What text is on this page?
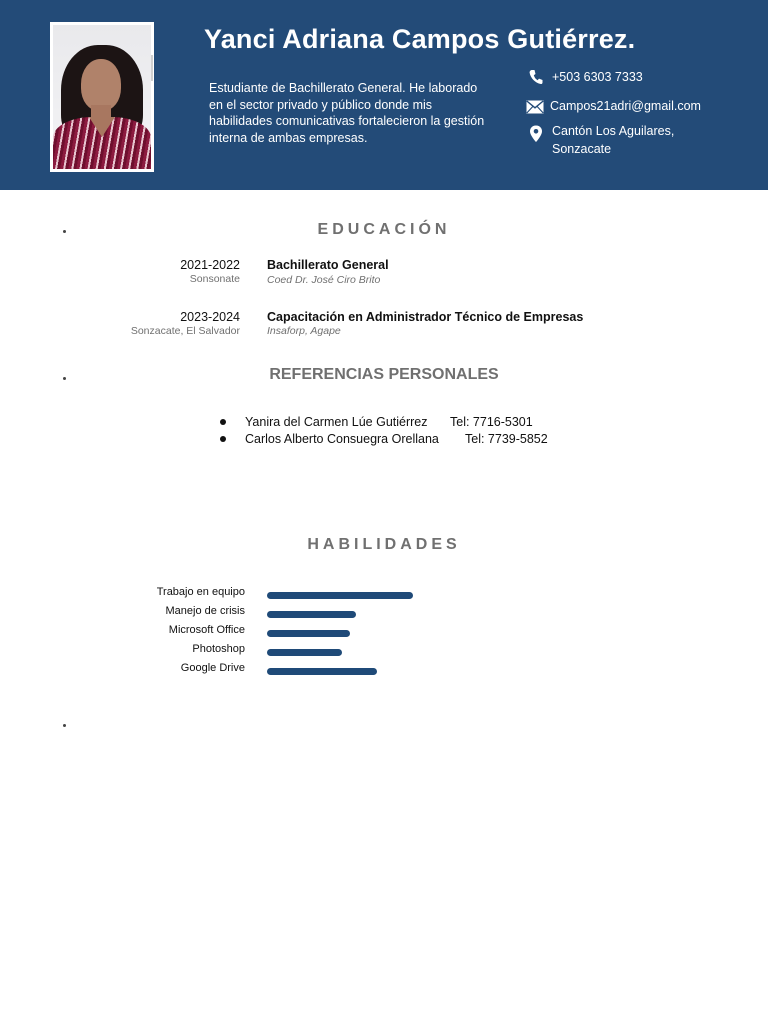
Yanci Adriana Campos Gutiérrez.

Estudiante de Bachillerato General. He laborado en el sector privado y público donde mis habilidades comunicativas fortalecieron la gestión interna de ambas empresas.

+503 6303 7333
Campos21adri@gmail.com
Cantón Los Aguilares,
Sonzacate
EDUCACIÓN
2021-2022
Sonsonate
Bachillerato General
Coed Dr. José Ciro Brito
2023-2024
Sonzacate, El Salvador
Capacitación en Administrador Técnico de Empresas
Insaforp, Agape
REFERENCIAS PERSONALES
Yanira del Carmen Lúe Gutiérrez Tel: 7716-5301
Carlos Alberto Consuegra Orellana Tel: 7739-5852
HABILIDADES
Trabajo en equipo
Manejo de crisis
Microsoft Office
Photoshop
Google Drive
